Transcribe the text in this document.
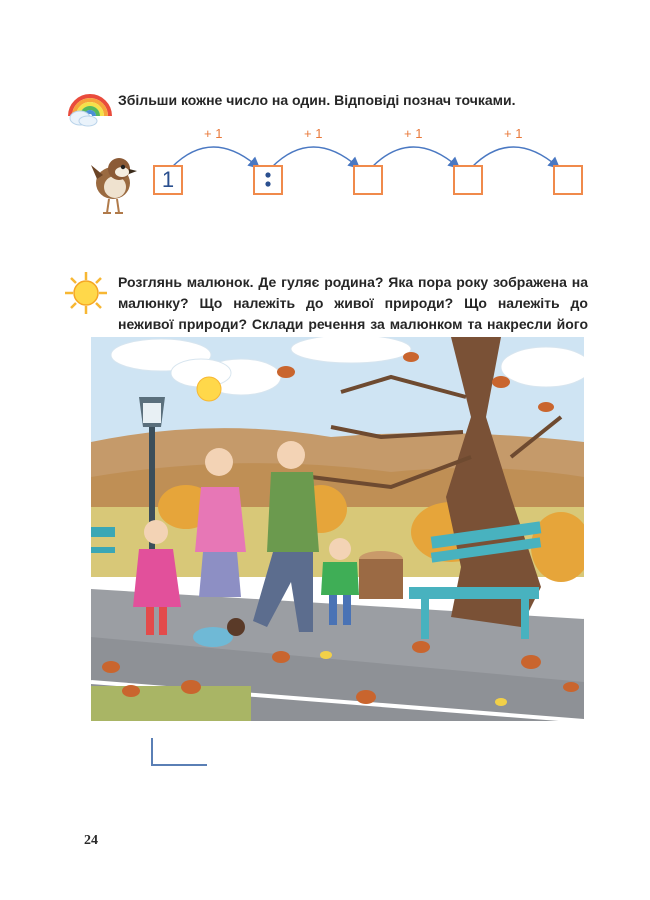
Збільши кожне число на один. Відповіді познач точками.
+ 1	+ 1	+ 1	+ 1
1
Розглянь малюнок. Де гуляє родина? Яка пора року зображена на малюнку? Що належіть до живої природи? Що належіть до неживої природи? Склади речення за малюнком та накресли його
24
